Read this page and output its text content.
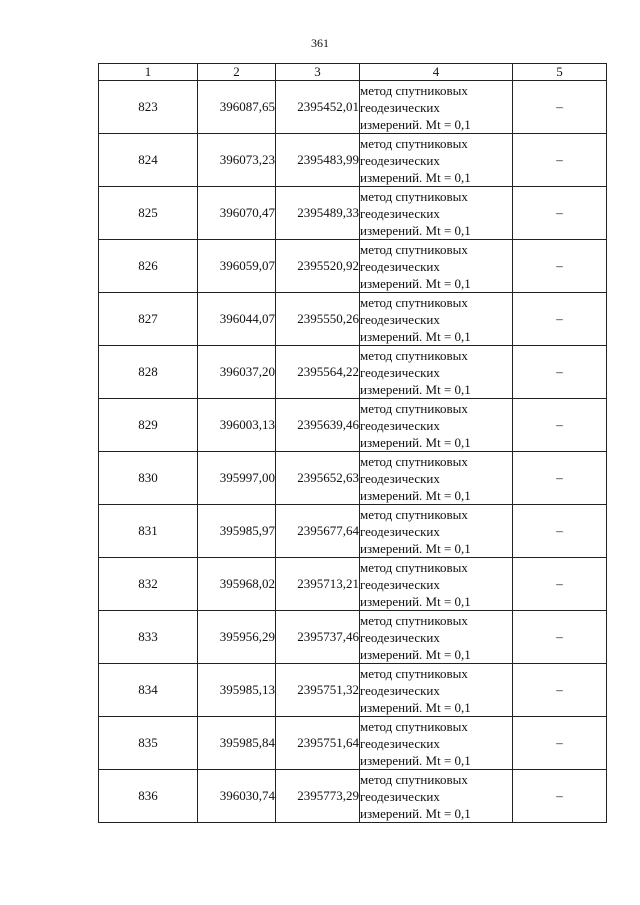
361
1	2	3	4	5
823	396087,65	2395452,01	метод спутниковых
геодезических
измерений. Mt = 0,1	–
824	396073,23	2395483,99	метод спутниковых
геодезических
измерений. Mt = 0,1	–
825	396070,47	2395489,33	метод спутниковых
геодезических
измерений. Mt = 0,1	–
826	396059,07	2395520,92	метод спутниковых
геодезических
измерений. Mt = 0,1	–
827	396044,07	2395550,26	метод спутниковых
геодезических
измерений. Mt = 0,1	–
828	396037,20	2395564,22	метод спутниковых
геодезических
измерений. Mt = 0,1	–
829	396003,13	2395639,46	метод спутниковых
геодезических
измерений. Mt = 0,1	–
830	395997,00	2395652,63	метод спутниковых
геодезических
измерений. Mt = 0,1	–
831	395985,97	2395677,64	метод спутниковых
геодезических
измерений. Mt = 0,1	–
832	395968,02	2395713,21	метод спутниковых
геодезических
измерений. Mt = 0,1	–
833	395956,29	2395737,46	метод спутниковых
геодезических
измерений. Mt = 0,1	–
834	395985,13	2395751,32	метод спутниковых
геодезических
измерений. Mt = 0,1	–
835	395985,84	2395751,64	метод спутниковых
геодезических
измерений. Mt = 0,1	–
836	396030,74	2395773,29	метод спутниковых
геодезических
измерений. Mt = 0,1	–
